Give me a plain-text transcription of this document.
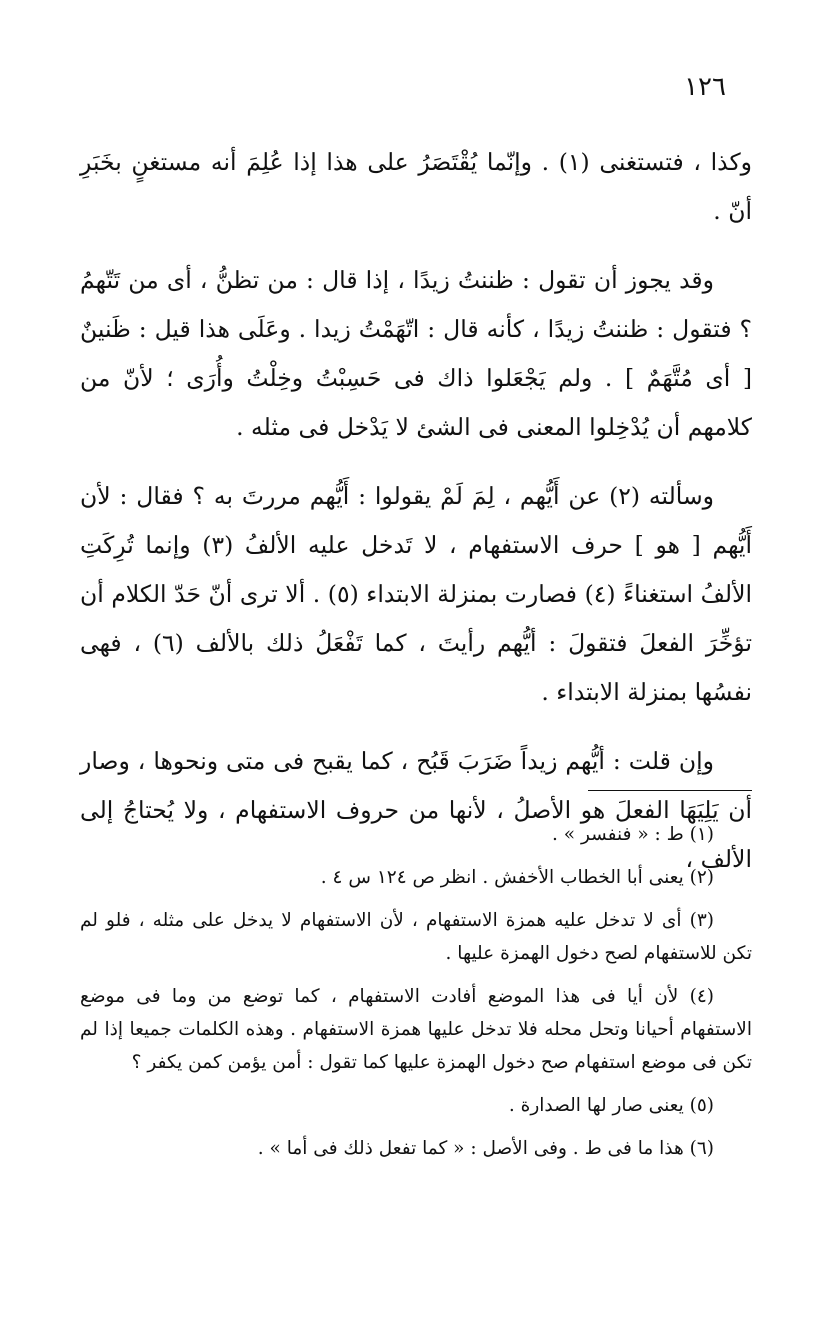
١٢٦

وكذا ، فتستغنى (١) . وإنّما يُقْتَصَرُ على هذا إذا عُلِمَ أنه مستغنٍ بخَبَرِ أنّ .

وقد يجوز أن تقول : ظننتُ زيدًا ، إذا قال : من تظنُّ ، أى من تَتّهمُ ؟ فتقول : ظننتُ زيدًا ، كأنه قال : اتّهَمْتُ زيدا . وعَلَى هذا قيل : ظَنينٌ [ أى مُتَّهَمٌ ] . ولم يَجْعَلوا ذاك فى حَسِبْتُ وخِلْتُ وأُرَى ؛ لأنّ من كلامهم أن يُدْخِلوا المعنى فى الشئ لا يَدْخل فى مثله .

وسألته (٢) عن أَيُّهم ، لِمَ لَمْ يقولوا : أَيُّهم مررتَ به ؟ فقال : لأن أَيُّهم [ هو ] حرف الاستفهام ، لا تَدخل عليه الألفُ (٣) وإنما تُرِكَتِ الألفُ استغناءً (٤) فصارت بمنزلة الابتداء (٥) . ألا ترى أنّ حَدّ الكلام أن تؤخِّرَ الفعلَ فتقولَ : أيُّهم رأيتَ ، كما تَفْعَلُ ذلك بالألف (٦) ، فهى نفسُها بمنزلة الابتداء .

وإن قلت : أيُّهم زيداً ضَرَبَ قَبُح ، كما يقبح فى متى ونحوها ، وصار أن يَلِيَهَا الفعلَ هو الأصلُ ، لأنها من حروف الاستفهام ، ولا يُحتاجُ إلى الألف ،

(١) ط : « فنفسر » .

(٢) يعنى أبا الخطاب الأخفش . انظر ص ١٢٤ س ٤ .

(٣) أى لا تدخل عليه همزة الاستفهام ، لأن الاستفهام لا يدخل على مثله ، فلو لم تكن للاستفهام لصح دخول الهمزة عليها .

(٤) لأن أيا فى هذا الموضع أفادت الاستفهام ، كما توضع من وما فى موضع الاستفهام أحيانا وتحل محله فلا تدخل عليها همزة الاستفهام . وهذه الكلمات جميعا إذا لم تكن فى موضع استفهام صح دخول الهمزة عليها كما تقول : أمن يؤمن كمن يكفر ؟

(٥) يعنى صار لها الصدارة .

(٦) هذا ما فى ط . وفى الأصل : « كما تفعل ذلك فى أما » .
